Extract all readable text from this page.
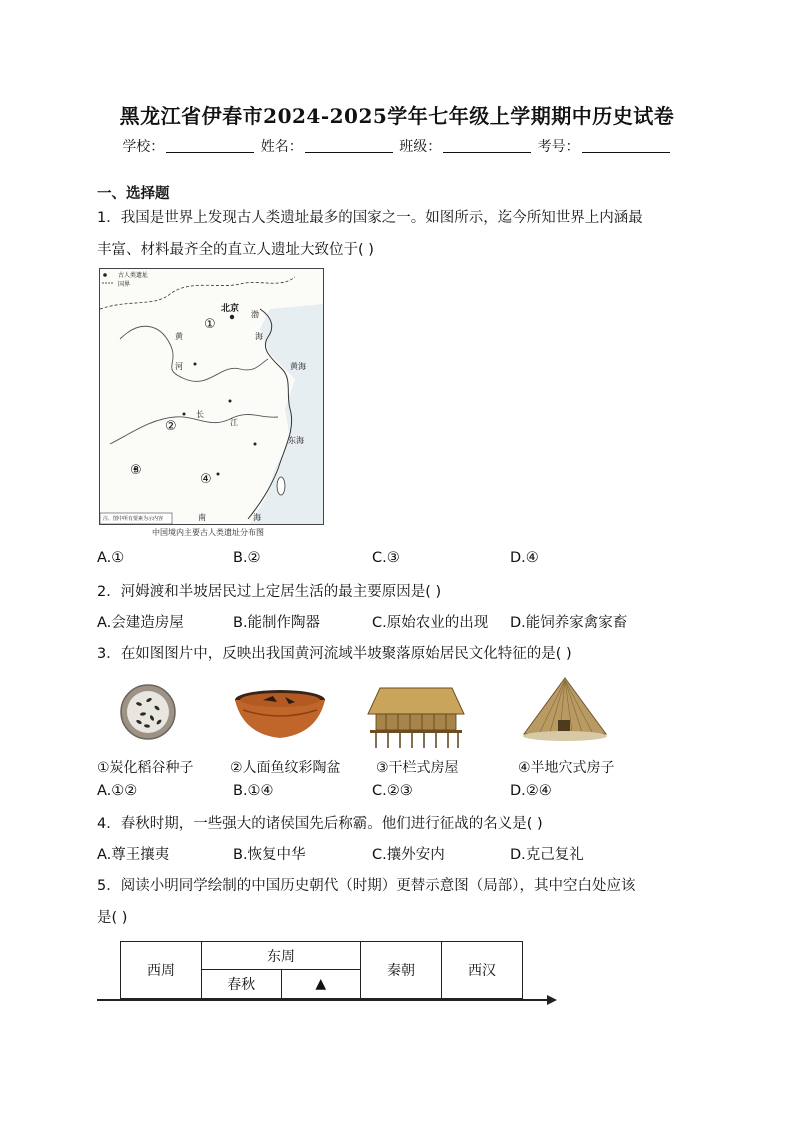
黑龙江省伊春市2024-2025学年七年级上学期期中历史试卷
学校：	姓名：	班级：	考号：
一、选择题
1．我国是世界上发现古人类遗址最多的国家之一。如图所示，迄今所知世界上内涵最
丰富、材料最齐全的直立人遗址大致位于( )
古人类遗址
国界
北京
①
②
③
④
渤
海
黄海
黄
河
长
江
东海
南	海
注、图中所有要素为示内容
中国境内主要古人类遗址分布图
A.①	B.②	C.③	D.④
2．河姆渡和半坡居民过上定居生活的最主要原因是( )
A.会建造房屋	B.能制作陶器	C.原始农业的出现 D.能饲养家禽家畜
3．在如图图片中，反映出我国黄河流域半坡聚落原始居民文化特征的是( )
①炭化稻谷种子	②人面鱼纹彩陶盆	③干栏式房屋	④半地穴式房子
A.①②	B.①④	C.②③	D.②④
4．春秋时期，一些强大的诸侯国先后称霸。他们进行征战的名义是( )
A.尊王攘夷	B.恢复中华	C.攘外安内	D.克己复礼
5．阅读小明同学绘制的中国历史朝代（时期）更替示意图（局部），其中空白处应该
是( )
西周	东周		秦朝	西汉
	春秋	▲		
